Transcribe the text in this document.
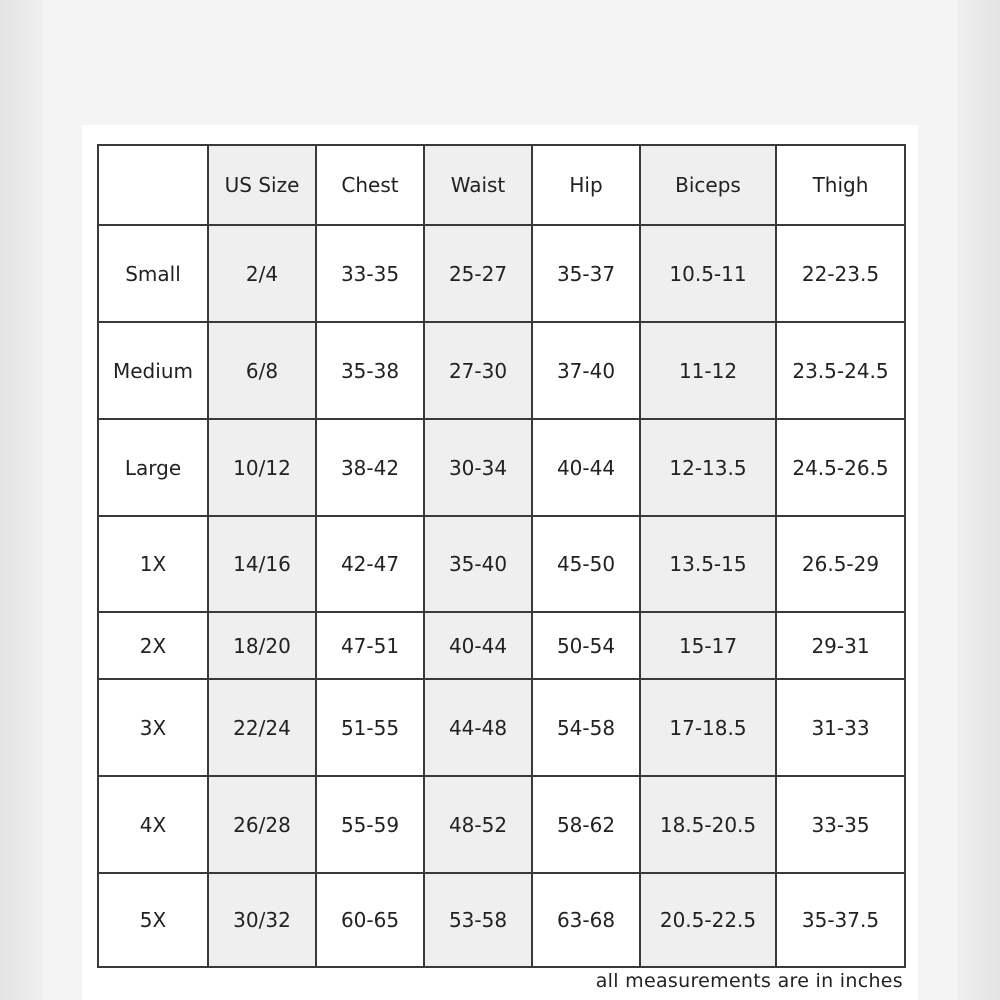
	US Size	Chest	Waist	Hip	Biceps	Thigh
Small	2/4	33-35	25-27	35-37	10.5-11	22-23.5
Medium	6/8	35-38	27-30	37-40	11-12	23.5-24.5
Large	10/12	38-42	30-34	40-44	12-13.5	24.5-26.5
1X	14/16	42-47	35-40	45-50	13.5-15	26.5-29
2X	18/20	47-51	40-44	50-54	15-17	29-31
3X	22/24	51-55	44-48	54-58	17-18.5	31-33
4X	26/28	55-59	48-52	58-62	18.5-20.5	33-35
5X	30/32	60-65	53-58	63-68	20.5-22.5	35-37.5
all measurements are in inches
